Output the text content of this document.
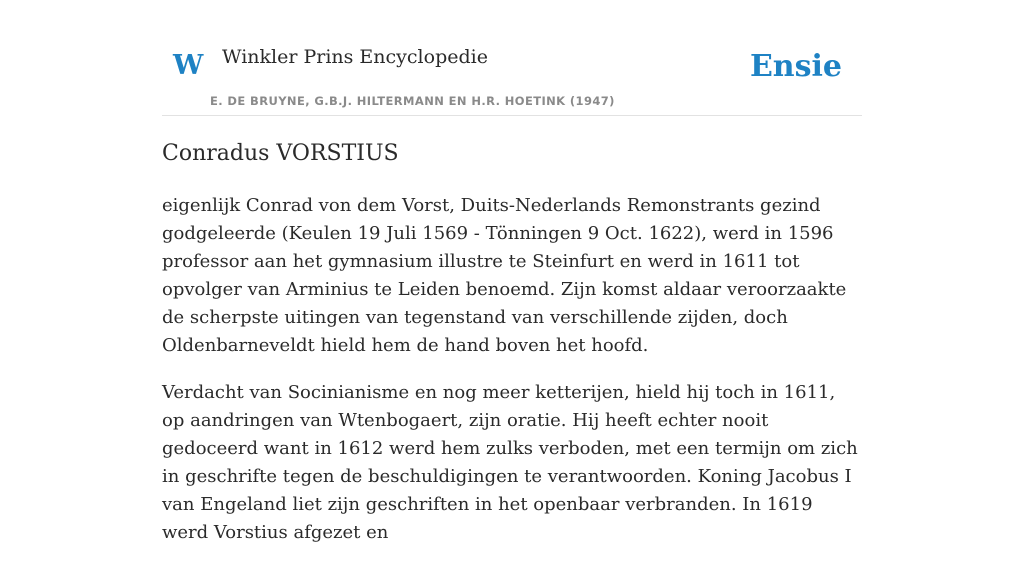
W Winkler Prins Encyclopedie
E. DE BRUYNE, G.B.J. HILTERMANN EN H.R. HOETINK (1947)
Ensie
Conradus VORSTIUS

eigenlijk Conrad von dem Vorst, Duits-Nederlands Remonstrants gezind godgeleerde (Keulen 19 Juli 1569 - Tönningen 9 Oct. 1622), werd in 1596 professor aan het gymnasium illustre te Steinfurt en werd in 1611 tot opvolger van Arminius te Leiden benoemd. Zijn komst aldaar veroorzaakte de scherpste uitingen van tegenstand van verschillende zijden, doch Oldenbarneveldt hield hem de hand boven het hoofd.

Verdacht van Socinianisme en nog meer ketterijen, hield hij toch in 1611, op aandringen van Wtenbogaert, zijn oratie. Hij heeft echter nooit gedoceerd want in 1612 werd hem zulks verboden, met een termijn om zich in geschrifte tegen de beschuldigingen te verantwoorden. Koning Jacobus I van Engeland liet zijn geschriften in het openbaar verbranden. In 1619 werd Vorstius afgezet en
